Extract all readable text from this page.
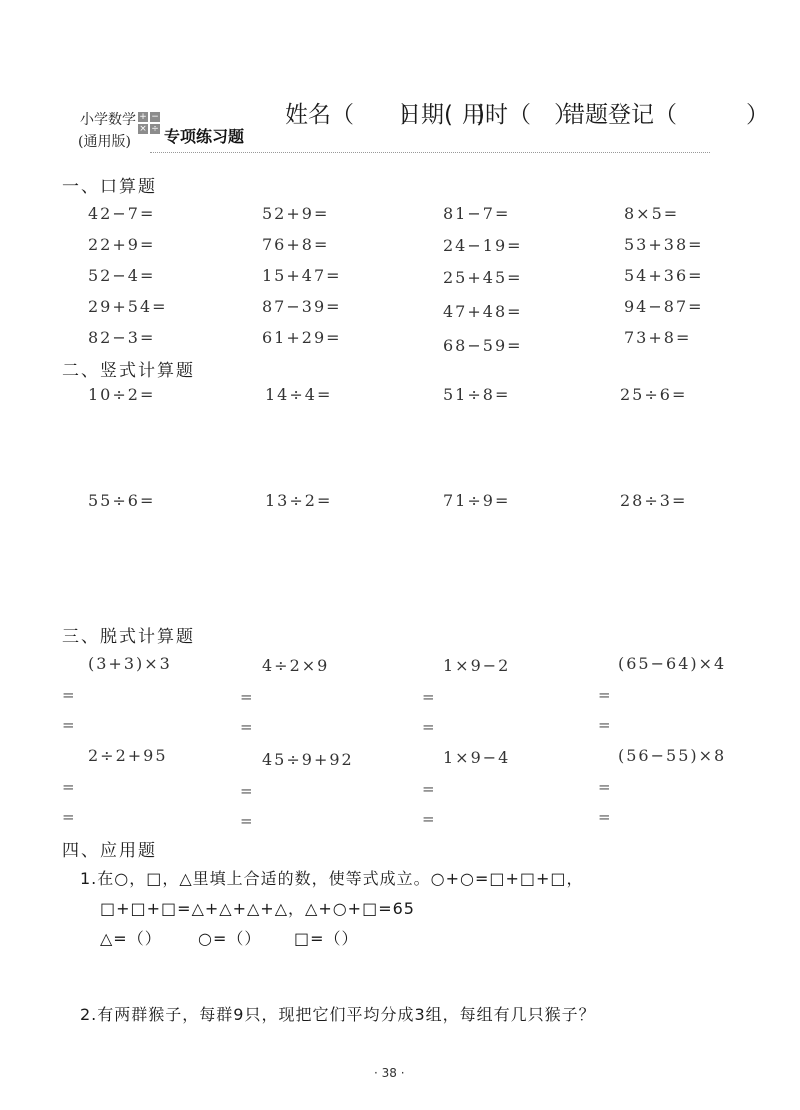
小学数学
(通用版)
+ −
× ÷ 专项练习题
姓名（　　）
日期(　)
用时（　）
错题登记（　　　）
一、口算题
42−7=	52+9=	81−7=	8×5=
22+9=	76+8=	24−19=	53+38=
52−4=	15+47=	25+45=	54+36=
29+54=	87−39=	47+48=	94−87=
82−3=	61+29=	68−59=	73+8=
二、竖式计算题
10÷2=	14÷4=	51÷8=	25÷6=
55÷6=	13÷2=	71÷9=	28÷3=
三、脱式计算题
(3+3)×3	4÷2×9	1×9−2	(65−64)×4
=	=	=	=
=	=	=	=
2÷2+95	45÷9+92	1×9−4	(56−55)×8
=	=	=	=
=	=	=	=
四、应用题
1.在○，□，△里填上合适的数，使等式成立。○+○=□+□+□，
□+□+□=△+△+△+△，△+○+□=65
△=（） ○=（） □=（）
2.有两群猴子，每群9只，现把它们平均分成3组，每组有几只猴子？
· 38 ·
